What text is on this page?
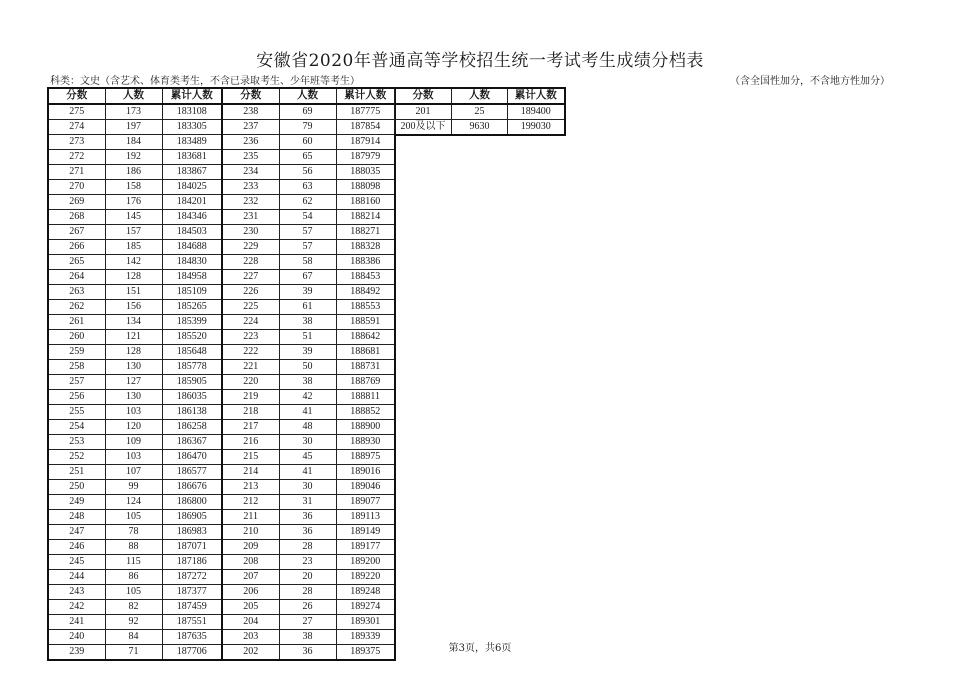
安徽省2020年普通高等学校招生统一考试考生成绩分档表
科类：文史（含艺术、体育类考生，不含已录取考生、少年班等考生）	（含全国性加分，不含地方性加分）
分数	人数	累计人数	分数	人数	累计人数
275	173	183108	238	69	187775
274	197	183305	237	79	187854
273	184	183489	236	60	187914
272	192	183681	235	65	187979
271	186	183867	234	56	188035
270	158	184025	233	63	188098
269	176	184201	232	62	188160
268	145	184346	231	54	188214
267	157	184503	230	57	188271
266	185	184688	229	57	188328
265	142	184830	228	58	188386
264	128	184958	227	67	188453
263	151	185109	226	39	188492
262	156	185265	225	61	188553
261	134	185399	224	38	188591
260	121	185520	223	51	188642
259	128	185648	222	39	188681
258	130	185778	221	50	188731
257	127	185905	220	38	188769
256	130	186035	219	42	188811
255	103	186138	218	41	188852
254	120	186258	217	48	188900
253	109	186367	216	30	188930
252	103	186470	215	45	188975
251	107	186577	214	41	189016
250	99	186676	213	30	189046
249	124	186800	212	31	189077
248	105	186905	211	36	189113
247	78	186983	210	36	189149
246	88	187071	209	28	189177
245	115	187186	208	23	189200
244	86	187272	207	20	189220
243	105	187377	206	28	189248
242	82	187459	205	26	189274
241	92	187551	204	27	189301
240	84	187635	203	38	189339
239	71	187706	202	36	189375
分数	人数	累计人数
201	25	189400
200及以下	9630	199030
第3页，共6页
